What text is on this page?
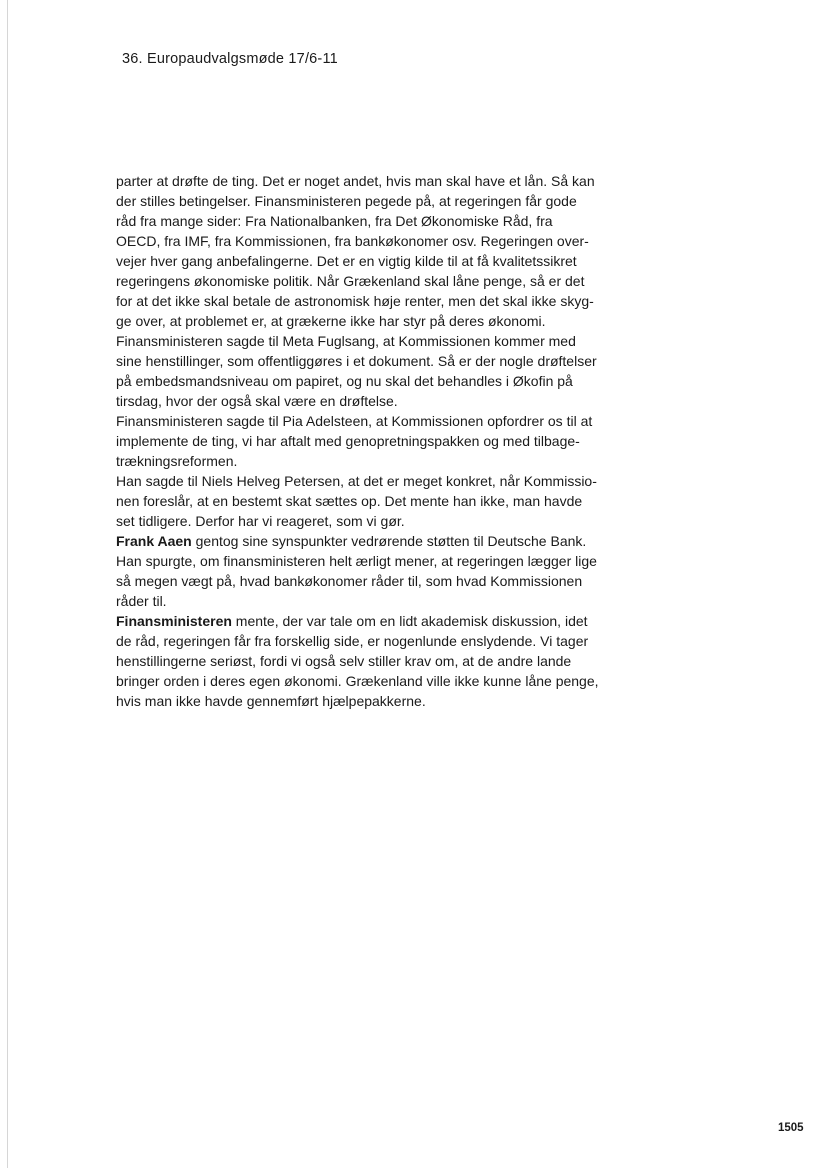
36. Europaudvalgsmøde 17/6-11

parter at drøfte de ting. Det er noget andet, hvis man skal have et lån. Så kan
der stilles betingelser. Finansministeren pegede på, at regeringen får gode
råd fra mange sider: Fra Nationalbanken, fra Det Økonomiske Råd, fra
OECD, fra IMF, fra Kommissionen, fra bankøkonomer osv. Regeringen over-
vejer hver gang anbefalingerne. Det er en vigtig kilde til at få kvalitetssikret
regeringens økonomiske politik. Når Grækenland skal låne penge, så er det
for at det ikke skal betale de astronomisk høje renter, men det skal ikke skyg-
ge over, at problemet er, at grækerne ikke har styr på deres økonomi.

Finansministeren sagde til Meta Fuglsang, at Kommissionen kommer med
sine henstillinger, som offentliggøres i et dokument. Så er der nogle drøftelser
på embedsmandsniveau om papiret, og nu skal det behandles i Økofin på
tirsdag, hvor der også skal være en drøftelse.

Finansministeren sagde til Pia Adelsteen, at Kommissionen opfordrer os til at
implemente de ting, vi har aftalt med genopretningspakken og med tilbage-
trækningsreformen.

Han sagde til Niels Helveg Petersen, at det er meget konkret, når Kommissio-
nen foreslår, at en bestemt skat sættes op. Det mente han ikke, man havde
set tidligere. Derfor har vi reageret, som vi gør.

Frank Aaen gentog sine synspunkter vedrørende støtten til Deutsche Bank.
Han spurgte, om finansministeren helt ærligt mener, at regeringen lægger lige
så megen vægt på, hvad bankøkonomer råder til, som hvad Kommissionen
råder til.

Finansministeren mente, der var tale om en lidt akademisk diskussion, idet
de råd, regeringen får fra forskellig side, er nogenlunde enslydende. Vi tager
henstillingerne seriøst, fordi vi også selv stiller krav om, at de andre lande
bringer orden i deres egen økonomi. Grækenland ville ikke kunne låne penge,
hvis man ikke havde gennemført hjælpepakkerne.

1505
